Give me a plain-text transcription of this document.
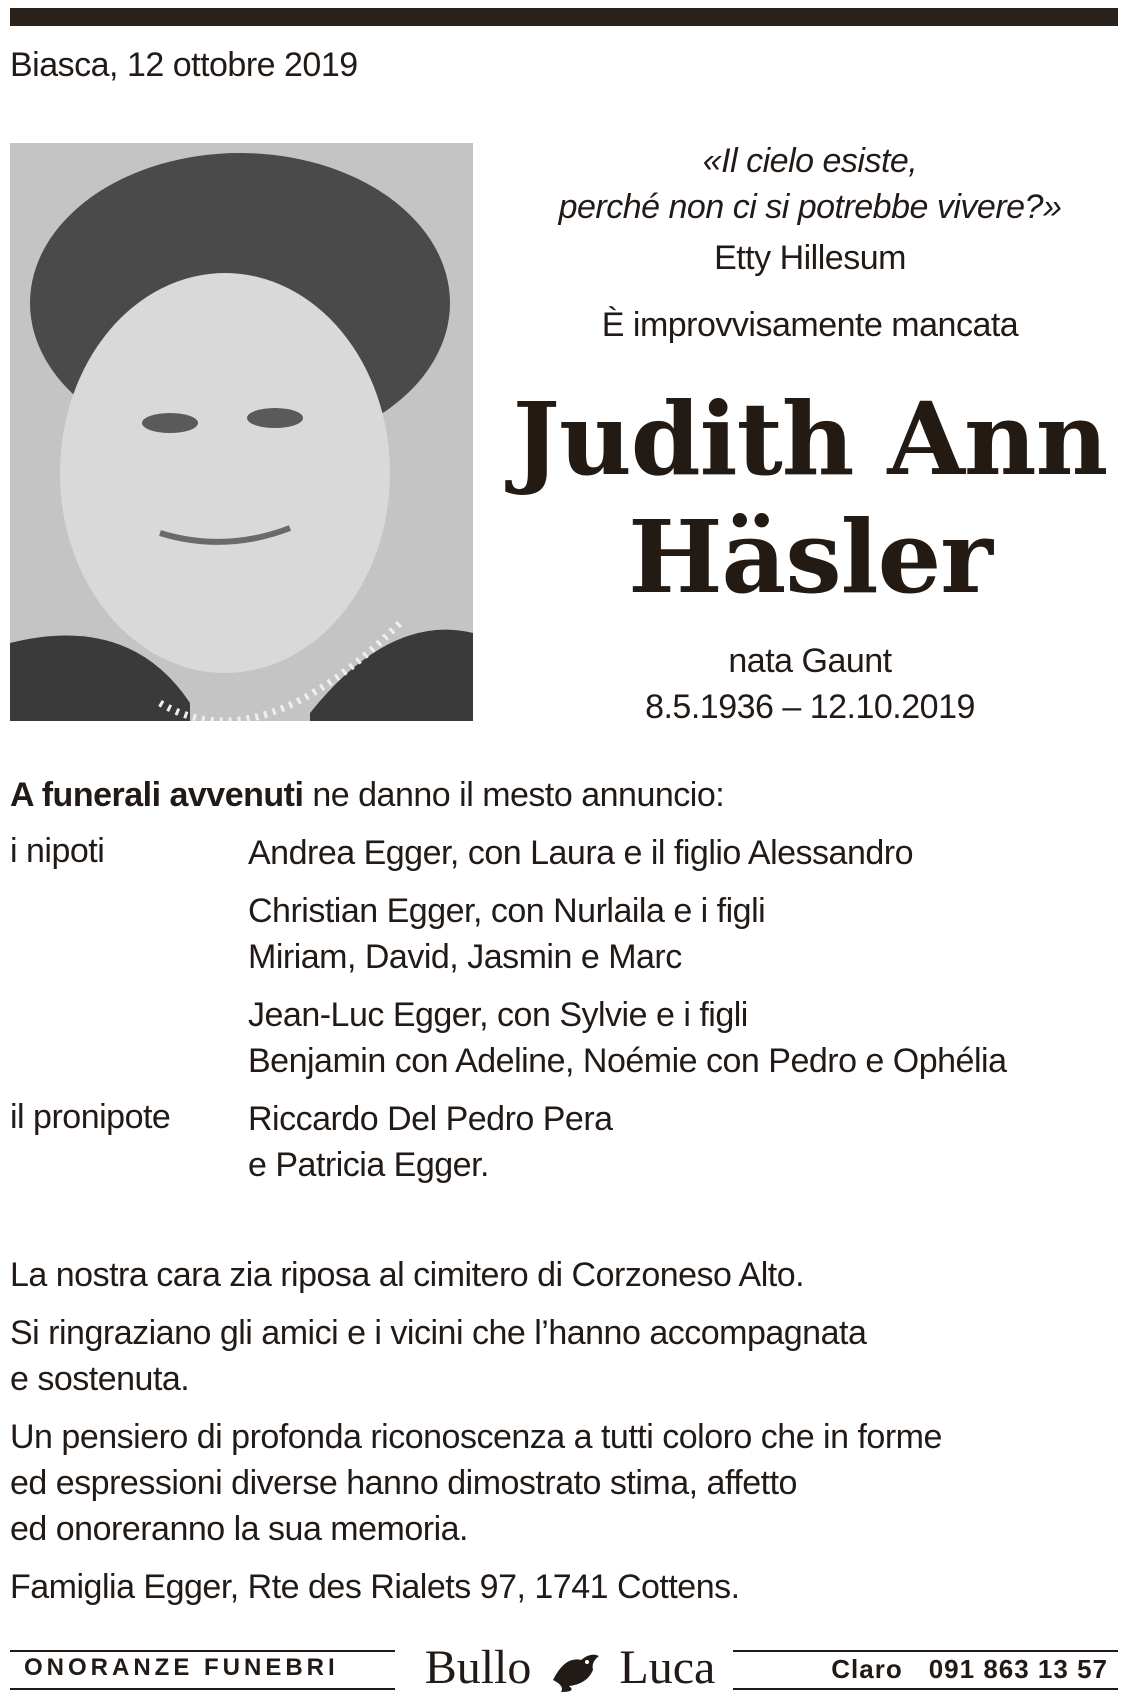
Biasca, 12 ottobre 2019
«Il cielo esiste,
perché non ci si potrebbe vivere?»
Etty Hillesum
È improvvisamente mancata
Judith Ann
Häsler
nata Gaunt
8.5.1936 – 12.10.2019
A funerali avvenuti ne danno il mesto annuncio:
i nipoti	Andrea Egger, con Laura e il figlio Alessandro
Christian Egger, con Nurlaila e i figli
Miriam, David, Jasmin e Marc
Jean-Luc Egger, con Sylvie e i figli
Benjamin con Adeline, Noémie con Pedro e Ophélia
il pronipote Riccardo Del Pedro Pera
e Patricia Egger.
La nostra cara zia riposa al cimitero di Corzoneso Alto.
Si ringraziano gli amici e i vicini che l’hanno accompagnata
e sostenuta.
Un pensiero di profonda riconoscenza a tutti coloro che in forme
ed espressioni diverse hanno dimostrato stima, affetto
ed onoreranno la sua memoria.
Famiglia Egger, Rte des Rialets 97, 1741 Cottens.
ONORANZE FUNEBRI Bullo Luca	Claro 091 863 13 57
